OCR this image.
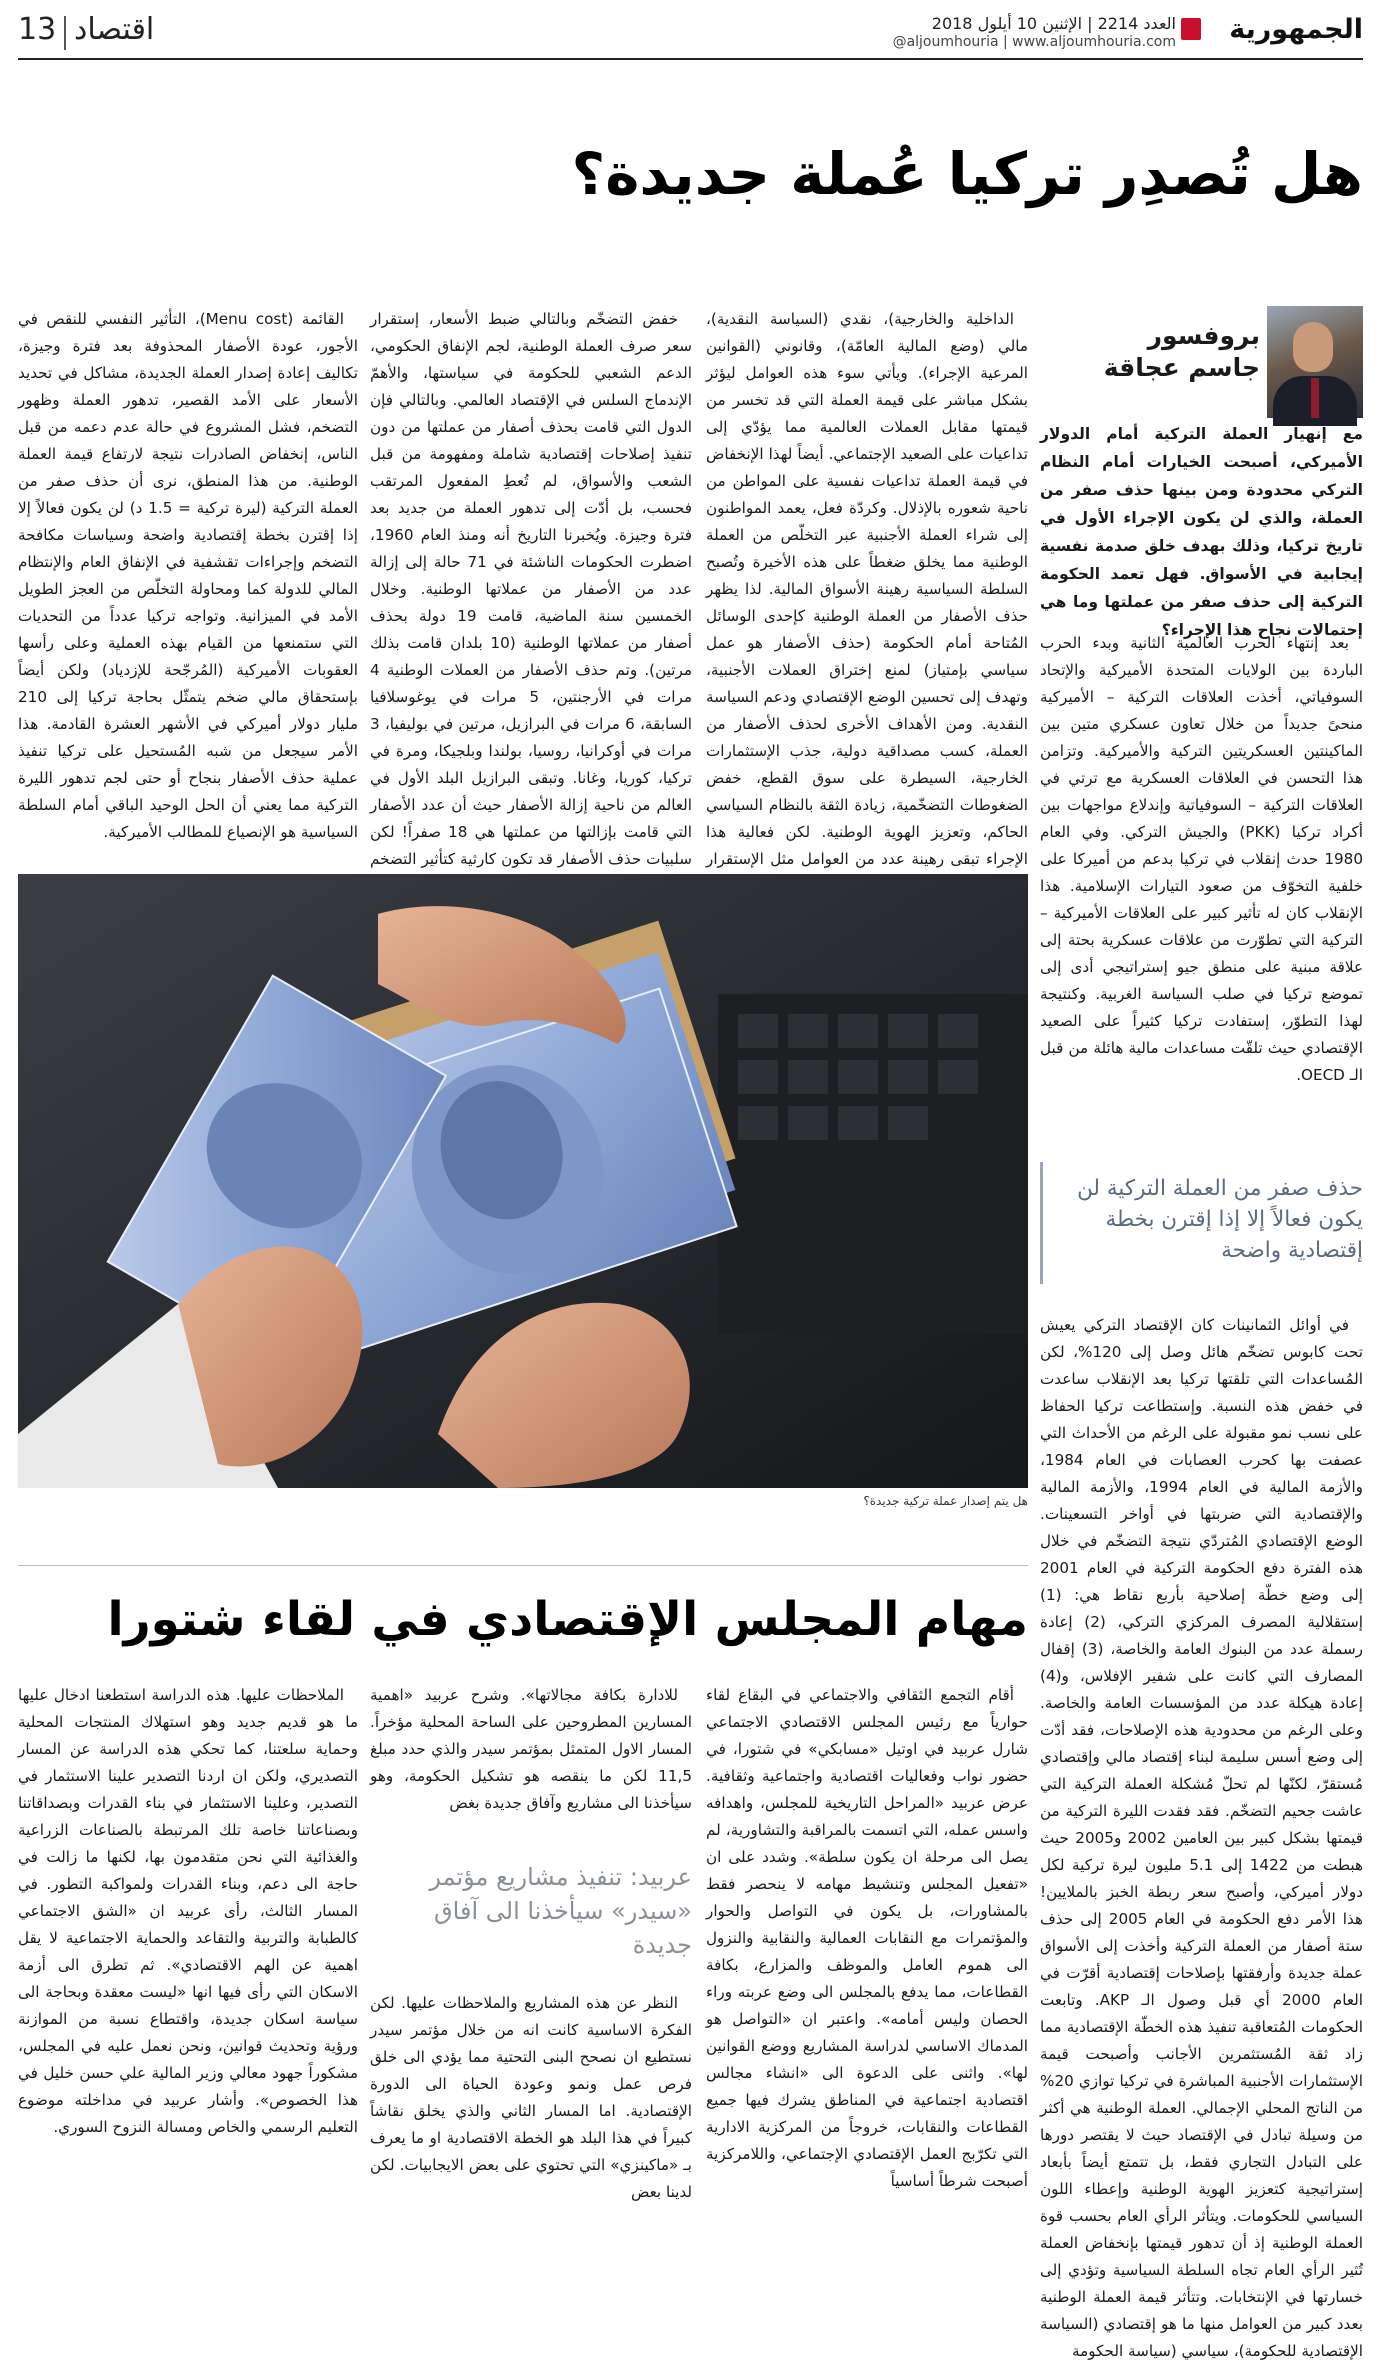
الجمهورية
العدد 2214 | الإثنين 10 أيلول 2018
@aljoumhouria | www.aljoumhouria.com
13 اقتصاد
هل تُصدِر تركيا عُملة جديدة؟
بروفسور
جاسم عجاقة
مع إنهيار العملة التركية أمام الدولار الأميركي، أصبحت الخيارات أمام النظام التركي محدودة ومن بينها حذف صفر من العملة، والذي لن يكون الإجراء الأول في تاريخ تركيا، وذلك بهدف خلق صدمة نفسية إيجابية في الأسواق. فهل تعمد الحكومة التركية إلى حذف صفر من عملتها وما هي إحتمالات نجاح هذا الإجراء؟

بعد إنتهاء الحرب العالمية الثانية وبدء الحرب الباردة بين الولايات المتحدة الأميركية والإتحاد السوفياتي، أخذت العلاقات التركية – الأميركية منحىً جديداً من خلال تعاون عسكري متين بين الماكينتين العسكريتين التركية والأميركية. وتزامن هذا التحسن في العلاقات العسكرية مع ترتي في العلاقات التركية – السوفياتية وإندلاع مواجهات بين أكراد تركيا (PKK) والجيش التركي. وفي العام 1980 حدث إنقلاب في تركيا بدعم من أميركا على خلفية التخوّف من صعود التيارات الإسلامية. هذا الإنقلاب كان له تأثير كبير على العلاقات الأميركية – التركية التي تطوّرت من علاقات عسكرية بحتة إلى علاقة مبنية على منطق جيو إستراتيجي أدى إلى تموضع تركيا في صلب السياسة الغربية. وكنتيجة لهذا التطوّر، إستفادت تركيا كثيراً على الصعيد الإقتصادي حيث تلقّت مساعدات مالية هائلة من قبل الـ OECD.

حذف صفر من العملة التركية لن يكون فعالاً إلا إذا إقترن بخطة إقتصادية واضحة

في أوائل الثمانينات كان الإقتصاد التركي يعيش تحت كابوس تضخّم هائل وصل إلى 120%، لكن المُساعدات التي تلقتها تركيا بعد الإنقلاب ساعدت في خفض هذه النسبة. وإستطاعت تركيا الحفاظ على نسب نمو مقبولة على الرغم من الأحداث التي عصفت بها كحرب العصابات في العام 1984، والأزمة المالية في العام 1994، والأزمة المالية والإقتصادية التي ضربتها في أواخر التسعينات. الوضع الإقتصادي المُتردّي نتيجة التضخّم في خلال هذه الفترة دفع الحكومة التركية في العام 2001 إلى وضع خطّة إصلاحية بأربع نقاط هي: (1) إستقلالية المصرف المركزي التركي، (2) إعادة رسملة عدد من البنوك العامة والخاصة، (3) إقفال المصارف التي كانت على شفير الإفلاس، و(4) إعادة هيكلة عدد من المؤسسات العامة والخاصة. وعلى الرغم من محدودية هذه الإصلاحات، فقد أدّت إلى وضع أسس سليمة لبناء إقتصاد مالي وإقتصادي مُستقرّ، لكنّها لم تحلّ مُشكلة العملة التركية التي عاشت جحيم التضخّم. فقد فقدت الليرة التركية من قيمتها بشكل كبير بين العامين 2002 و2005 حيث هبطت من 1422 إلى 5.1 مليون ليرة تركية لكل دولار أميركي، وأصبح سعر ربطة الخبز بالملايين! هذا الأمر دفع الحكومة في العام 2005 إلى حذف ستة أصفار من العملة التركية وأخذت إلى الأسواق عملة جديدة وأرفقتها بإصلاحات إقتصادية أقرّت في العام 2000 أي قبل وصول الـ AKP. وتابعت الحكومات المُتعاقبة تنفيذ هذه الخطّة الإقتصادية مما زاد ثقة المُستثمرين الأجانب وأصبحت قيمة الإستثمارات الأجنبية المباشرة في تركيا توازي 20% من الناتج المحلي الإجمالي. العملة الوطنية هي أكثر من وسيلة تبادل في الإقتصاد حيث لا يقتصر دورها على التبادل التجاري فقط، بل تتمتع أيضاً بأبعاد إستراتيجية كتعزيز الهوية الوطنية وإعطاء اللون السياسي للحكومات. ويتأثر الرأي العام بحسب قوة العملة الوطنية إذ أن تدهور قيمتها بإنخفاض العملة تُثير الرأي العام تجاه السلطة السياسية وتؤدي إلى خسارتها في الإنتخابات. وتتأثر قيمة العملة الوطنية بعدد كبير من العوامل منها ما هو إقتصادي (السياسة الإقتصادية للحكومة)، سياسي (سياسة الحكومة

الداخلية والخارجية)، نقدي (السياسة النقدية)، مالي (وضع المالية العامّة)، وقانوني (القوانين المرعية الإجراء). ويأتي سوء هذه العوامل ليؤثر بشكل مباشر على قيمة العملة التي قد تخسر من قيمتها مقابل العملات العالمية مما يؤدّي إلى تداعيات على الصعيد الإجتماعي. أيضاً لهذا الإنخفاض في قيمة العملة تداعيات نفسية على المواطن من ناحية شعوره بالإذلال. وكردّة فعل، يعمد المواطنون إلى شراء العملة الأجنبية عبر التخلّص من العملة الوطنية مما يخلق ضغطاً على هذه الأخيرة وتُصبح السلطة السياسية رهينة الأسواق المالية. لذا يظهر حذف الأصفار من العملة الوطنية كإحدى الوسائل المُتاحة أمام الحكومة (حذف الأصفار هو عمل سياسي بإمتياز) لمنع إختراق العملات الأجنبية، وتهدف إلى تحسين الوضع الإقتصادي ودعم السياسة النقدية. ومن الأهداف الأخرى لحذف الأصفار من العملة، كسب مصداقية دولية، جذب الإستثمارات الخارجية، السيطرة على سوق القطع، خفض الضغوطات التضخّمية، زيادة الثقة بالنظام السياسي الحاكم، وتعزيز الهوية الوطنية. لكن فعالية هذا الإجراء تبقى رهينة عدد من العوامل مثل الإستقرار

خفض التضخّم وبالتالي ضبط الأسعار، إستقرار سعر صرف العملة الوطنية، لجم الإنفاق الحكومي، الدعم الشعبي للحكومة في سياستها، والأهمّ الإندماج السلس في الإقتصاد العالمي. وبالتالي فإن الدول التي قامت بحذف أصفار من عملتها من دون تنفيذ إصلاحات إقتصادية شاملة ومفهومة من قبل الشعب والأسواق، لم تُعطِ المفعول المرتقب فحسب، بل أدّت إلى تدهور العملة من جديد بعد فترة وجيزة. ويُخبرنا التاريخ أنه ومنذ العام 1960، اضطرت الحكومات الناشئة في 71 حالة إلى إزالة عدد من الأصفار من عملاتها الوطنية. وخلال الخمسين سنة الماضية، قامت 19 دولة بحذف أصفار من عملاتها الوطنية (10 بلدان قامت بذلك مرتين). وتم حذف الأصفار من العملات الوطنية 4 مرات في الأرجنتين، 5 مرات في يوغوسلافيا السابقة، 6 مرات في البرازيل، مرتين في بوليفيا، 3 مرات في أوكرانيا، روسيا، بولندا وبلجيكا، ومرة في تركيا، كوريا، وغانا. وتبقى البرازيل البلد الأول في العالم من ناحية إزالة الأصفار حيث أن عدد الأصفار التي قامت بإزالتها من عملتها هي 18 صفراً! لكن سلبيات حذف الأصفار قد تكون كارثية كتأثير التضخم

القائمة (Menu cost)، التأثير النفسي للنقص في الأجور، عودة الأصفار المحذوفة بعد فترة وجيزة، تكاليف إعادة إصدار العملة الجديدة، مشاكل في تحديد الأسعار على الأمد القصير، تدهور العملة وظهور التضخم، فشل المشروع في حالة عدم دعمه من قبل الناس، إنخفاض الصادرات نتيجة لارتفاع قيمة العملة الوطنية. من هذا المنطق، نرى أن حذف صفر من العملة التركية (ليرة تركية = 1.5 د) لن يكون فعالاً إلا إذا إقترن بخطة إقتصادية واضحة وسياسات مكافحة التضخم وإجراءات تقشفية في الإنفاق العام والإنتظام المالي للدولة كما ومحاولة التخلّص من العجز الطويل الأمد في الميزانية. وتواجه تركيا عدداً من التحديات التي ستمنعها من القيام بهذه العملية وعلى رأسها العقوبات الأميركية (المُرجّحة للإزدياد) ولكن أيضاً بإستحقاق مالي ضخم يتمثّل بحاجة تركيا إلى 210 مليار دولار أميركي في الأشهر العشرة القادمة. هذا الأمر سيجعل من شبه المُستحيل على تركيا تنفيذ عملية حذف الأصفار بنجاح أو حتى لجم تدهور الليرة التركية مما يعني أن الحل الوحيد الباقي أمام السلطة السياسية هو الإنصياع للمطالب الأميركية.

هل يتم إصدار عملة تركية جديدة؟
مهام المجلس الإقتصادي في لقاء شتورا

أقام التجمع الثقافي والاجتماعي في البقاع لقاء حوارياً مع رئيس المجلس الاقتصادي الاجتماعي شارل عربيد في اوتيل «مسابكي» في شتورا، في حضور نواب وفعاليات اقتصادية واجتماعية وثقافية. عرض عربيد «المراحل التاريخية للمجلس، واهدافه واسس عمله، التي اتسمت بالمراقبة والتشاورية، لم يصل الى مرحلة ان يكون سلطة». وشدد على ان «تفعيل المجلس وتنشيط مهامه لا ينحصر فقط بالمشاورات، بل يكون في التواصل والحوار والمؤتمرات مع النقابات العمالية والنقابية والنزول الى هموم العامل والموظف والمزارع، بكافة القطاعات، مما يدفع بالمجلس الى وضع عربته وراء الحصان وليس أمامه». واعتبر ان «التواصل هو المدماك الاساسي لدراسة المشاريع ووضع القوانين لها». واثنى على الدعوة الى «انشاء مجالس اقتصادية اجتماعية في المناطق يشرك فيها جميع القطاعات والنقابات، خروجاً من المركزية الادارية التي تكرّبج العمل الإقتصادي الإجتماعي، واللامركزية أصبحت شرطاً أساسياً

للادارة بكافة مجالاتها». وشرح عربيد «اهمية المسارين المطروحين على الساحة المحلية مؤخراً. المسار الاول المتمثل بمؤتمر سيدر والذي حدد مبلغ 11,5 لكن ما ينقصه هو تشكيل الحكومة، وهو سيأخذنا الى مشاريع وآفاق جديدة بغض

عربيد: تنفيذ مشاريع مؤتمر «سيدر» سيأخذنا الى آفاق جديدة

النظر عن هذه المشاريع والملاحظات عليها. لكن الفكرة الاساسية كانت انه من خلال مؤتمر سيدر نستطيع ان نصحح البنى التحتية مما يؤدي الى خلق فرص عمل ونمو وعودة الحياة الى الدورة الإقتصادية. اما المسار الثاني والذي يخلق نقاشاً كبيراً في هذا البلد هو الخطة الاقتصادية او ما يعرف بـ «ماكينزي» التي تحتوي على بعض الايجابيات. لكن لدينا بعض

الملاحظات عليها. هذه الدراسة استطعنا ادخال عليها ما هو قديم جديد وهو استهلاك المنتجات المحلية وحماية سلعتنا، كما تحكي هذه الدراسة عن المسار التصديري، ولكن ان اردنا التصدير علينا الاستثمار في التصدير، وعلينا الاستثمار في بناء القدرات وبصداقاتنا وبصناعاتنا خاصة تلك المرتبطة بالصناعات الزراعية والغذائية التي نحن متقدمون بها، لكنها ما زالت في حاجة الى دعم، وبناء القدرات ولمواكبة التطور. في المسار الثالث، رأى عربيد ان «الشق الاجتماعي كالطبابة والتربية والتقاعد والحماية الاجتماعية لا يقل اهمية عن الهم الاقتصادي». ثم تطرق الى أزمة الاسكان التي رأى فيها انها «ليست معقدة وبحاجة الى سياسة اسكان جديدة، واقتطاع نسبة من الموازنة ورؤية وتحديث قوانين، ونحن نعمل عليه في المجلس، مشكوراً جهود معالي وزير المالية علي حسن خليل في هذا الخصوص». وأشار عربيد في مداخلته موضوع التعليم الرسمي والخاص ومسالة النزوح السوري.
